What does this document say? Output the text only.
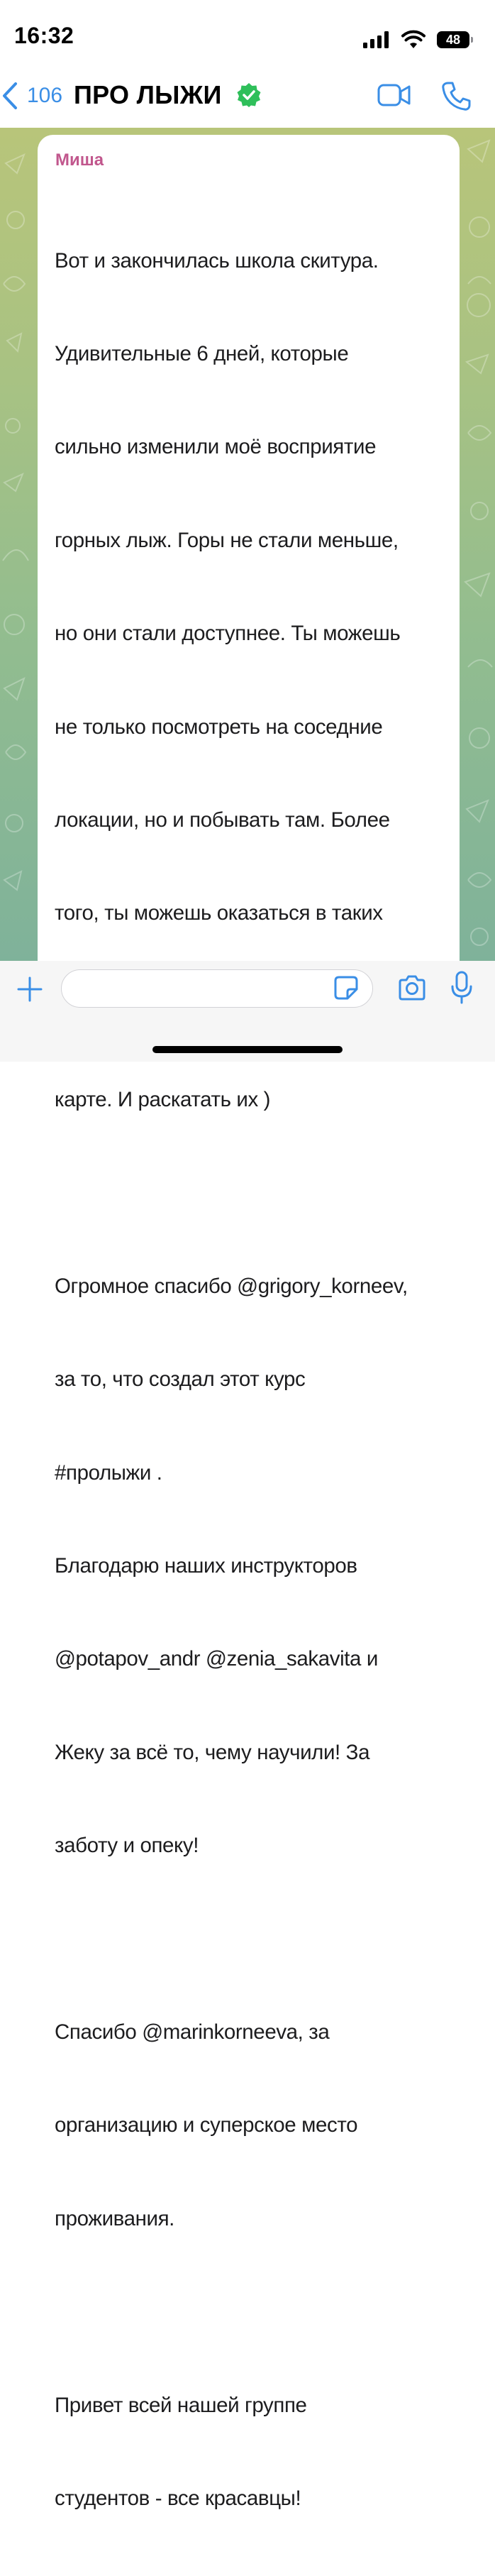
16:32	48
106 ПРО ЛЫЖИ
Миша

Вот и закончилась школа скитура.

Удивительные 6 дней, которые

сильно изменили моё восприятие

горных лыж. Горы не стали меньше,

но они стали доступнее. Ты можешь

не только посмотреть на соседние

локации, но и побывать там. Более

того, ты можешь оказаться в таких

карте. И раскатать их )

Огромное спасибо @grigory_korneev,

за то, что создал этот курс

#пролыжи .

Благодарю наших инструкторов

@potapov_andr @zenia_sakavita и

Жеку за всё то, чему научили! За

заботу и опеку!

Спасибо @marinkorneeva, за

организацию и суперское место

проживания.

Привет всей нашей группе

студентов - все красавцы!
